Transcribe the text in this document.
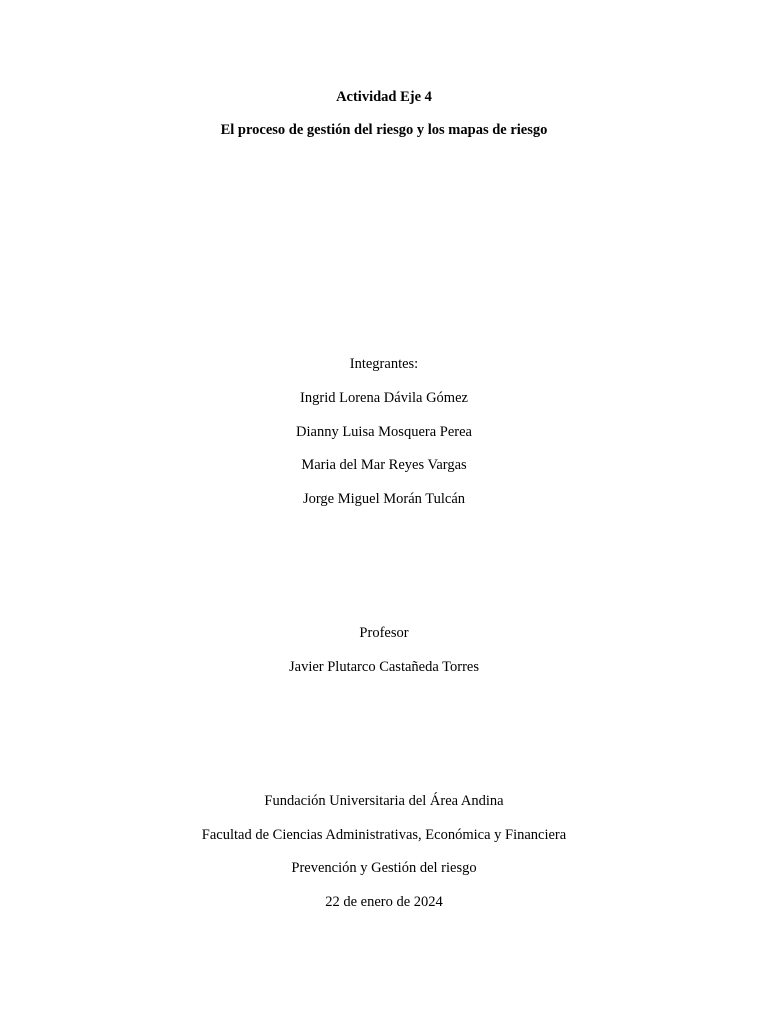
Actividad Eje 4
El proceso de gestión del riesgo y los mapas de riesgo
Integrantes:
Ingrid Lorena Dávila Gómez
Dianny Luisa Mosquera Perea
Maria del Mar Reyes Vargas
Jorge Miguel Morán Tulcán
Profesor
Javier Plutarco Castañeda Torres
Fundación Universitaria del Área Andina
Facultad de Ciencias Administrativas, Económica y Financiera
Prevención y Gestión del riesgo
22 de enero de 2024
